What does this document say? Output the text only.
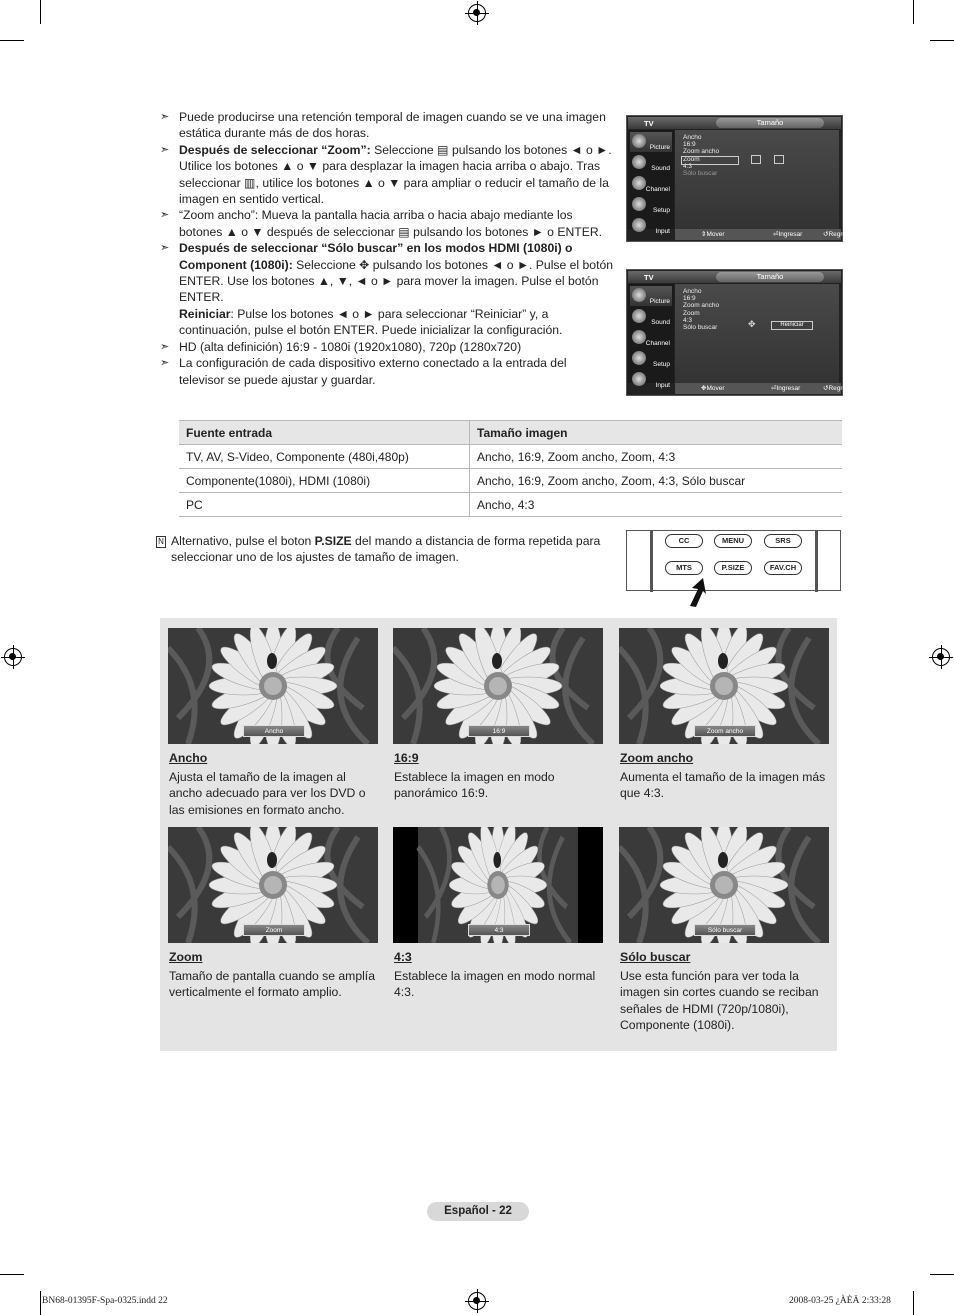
➣ Puede producirse una retención temporal de imagen cuando se ve una imagen estática durante más de dos horas.
➣ Después de seleccionar “Zoom”: Seleccione ▤ pulsando los botones ◄ o ►. Utilice los botones ▲ o ▼ para desplazar la imagen hacia arriba o abajo. Tras seleccionar ▥, utilice los botones ▲ o ▼ para ampliar o reducir el tamaño de la imagen en sentido vertical.
➣ “Zoom ancho”: Mueva la pantalla hacia arriba o hacia abajo mediante los botones ▲ o ▼ después de seleccionar ▤ pulsando los botones ► o ENTER.
➣ Después de seleccionar “Sólo buscar” en los modos HDMI (1080i) o Component (1080i): Seleccione ✥ pulsando los botones ◄ o ►. Pulse el botón ENTER. Use los botones ▲, ▼, ◄ o ► para mover la imagen. Pulse el botón ENTER.
Reiniciar: Pulse los botones ◄ o ► para seleccionar “Reiniciar” y, a continuación, pulse el botón ENTER. Puede inicializar la configuración.
➣ HD (alta definición) 16:9 - 1080i (1920x1080), 720p (1280x720)
➣ La configuración de cada dispositivo externo conectado a la entrada del televisor se puede ajustar y guardar.
TV	Tamaño
Picture
Sound
Channel
Setup
Input
Ancho
16:9
Zoom ancho
Zoom
4:3
Sólo buscar
⇕ Mover	⏎ Ingresar	↺ Regresar
TV	Tamaño
Picture
Sound
Channel
Setup
Input
Ancho
16:9
Zoom ancho
Zoom
4:3
Sólo buscar	✥	Reiniciar
✥ Mover	⏎ Ingresar	↺ Regresar
Fuente entrada	Tamaño imagen
TV, AV, S-Video, Componente (480i,480p)	Ancho, 16:9, Zoom ancho, Zoom, 4:3
Componente(1080i), HDMI (1080i)	Ancho, 16:9, Zoom ancho, Zoom, 4:3, Sólo buscar
PC	Ancho, 4:3
N Alternativo, pulse el boton P.SIZE del mando a distancia de forma repetida para seleccionar uno de los ajustes de tamaño de imagen.
CC	MENU	SRS
MTS	P.SIZE	FAV.CH
Ancho
Ancho
Ajusta el tamaño de la imagen al ancho adecuado para ver los DVD o las emisiones en formato ancho.
16:9
16:9
Establece la imagen en modo panorámico 16:9.
Zoom ancho
Zoom ancho
Aumenta el tamaño de la imagen más que 4:3.
Zoom
Zoom
Tamaño de pantalla cuando se amplía verticalmente el formato amplio.
4:3
4:3
Establece la imagen en modo normal 4:3.
Sólo buscar
Sólo buscar
Use esta función para ver toda la imagen sin cortes cuando se reciban señales de HDMI (720p/1080i), Componente (1080i).
Español - 22
BN68-01395F-Spa-0325.indd 22	2008-03-25 ¿ÀÈÄ 2:33:28
